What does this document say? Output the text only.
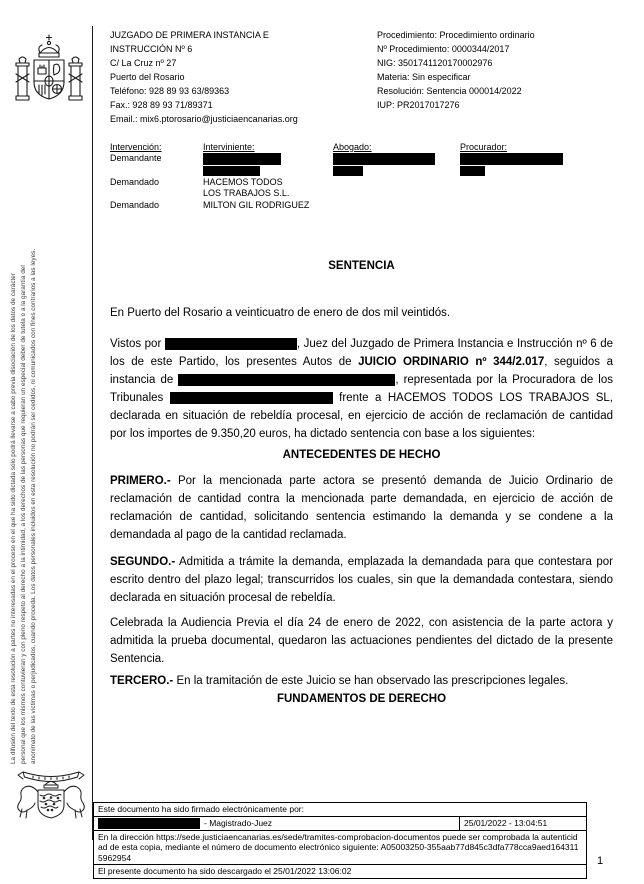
La difusión del texto de esta resolución a partes no interesadas en el proceso en el que ha sido dictada sólo podrá llevarse a cabo previa disociación de los datos de carácter personal que los mismos contuvieran y con pleno respeto al derecho a la intimidad, a los derechos de las personas que requieran un especial deber de tutela o a la garantía del anonimato de las víctimas o perjudicados, cuando proceda. Los datos personales incluidos en esta resolución no podrán ser cedidos, ni comunicados con fines contrarios a las leyes.
JUZGADO DE PRIMERA INSTANCIA E
INSTRUCCIÓN Nº 6
C/ La Cruz nº 27
Puerto del Rosario
Teléfono: 928 89 93 63/89363
Fax.: 928 89 93 71/89371
Email.: mix6.ptorosario@justiciaencanarias.org
Procedimiento: Procedimiento ordinario
Nº Procedimiento: 0000344/2017
NIG: 3501741120170002976
Materia: Sin especificar
Resolución: Sentencia 000014/2022
IUP: PR2017017276
Intervención:	Interviniente:	Abogado:	Procurador:
Demandante
Demandado	HACEMOS TODOS LOS TRABAJOS S.L.
Demandado	MILTON GIL RODRIGUEZ
SENTENCIA

En Puerto del Rosario a veinticuatro de enero de dos mil veintidós.

Vistos por	, Juez del Juzgado de Primera Instancia e Instrucción nº 6 de los de este Partido, los presentes Autos de JUICIO ORDINARIO nº 344/2.017, seguidos a instancia de	, representada por la Procuradora de los Tribunales	frente a HACEMOS TODOS LOS TRABAJOS SL, declarada en situación de rebeldía procesal, en ejercicio de acción de reclamación de cantidad por los importes de 9.350,20 euros, ha dictado sentencia con base a los siguientes:

ANTECEDENTES DE HECHO

PRIMERO.- Por la mencionada parte actora se presentó demanda de Juicio Ordinario de reclamación de cantidad contra la mencionada parte demandada, en ejercicio de acción de reclamación de cantidad, solicitando sentencia estimando la demanda y se condene a la demandada al pago de la cantidad reclamada.

SEGUNDO.- Admitida a trámite la demanda, emplazada la demandada para que contestara por escrito dentro del plazo legal; transcurridos los cuales, sin que la demandada contestara, siendo declarada en situación procesal de rebeldía.

Celebrada la Audiencia Previa el día 24 de enero de 2022, con asistencia de la parte actora y admitida la prueba documental, quedaron las actuaciones pendientes del dictado de la presente Sentencia.

TERCERO.- En la tramitación de este Juicio se han observado las prescripciones legales.

FUNDAMENTOS DE DERECHO
Este documento ha sido firmado electrónicamente por:
- Magistrado-Juez	25/01/2022 - 13:04:51
En la dirección https://sede.justiciaencanarias.es/sede/tramites-comprobacion-documentos puede ser comprobada la autenticidad de esta copia, mediante el número de documento electrónico siguiente: A05003250-355aab77d845c3dfa778cca9aed1643115962954
El presente documento ha sido descargado el 25/01/2022 13:06:02
1
